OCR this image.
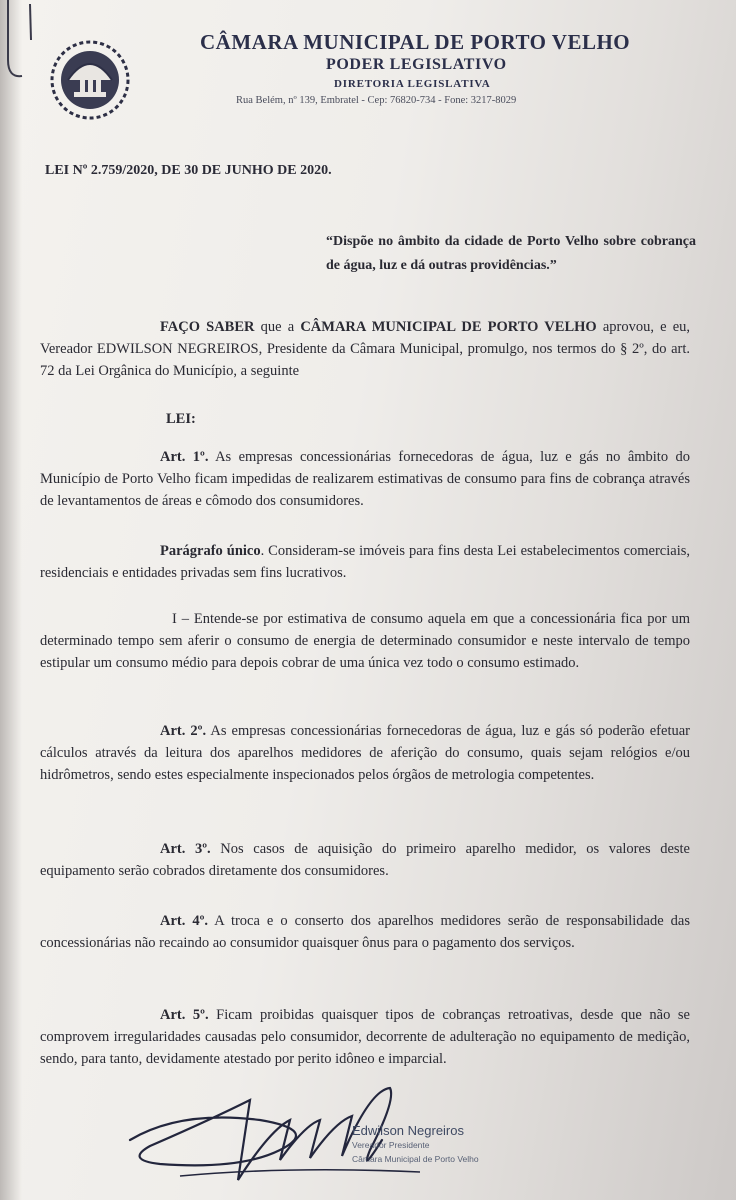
CÂMARA MUNICIPAL DE PORTO VELHO
PODER LEGISLATIVO
DIRETORIA LEGISLATIVA
Rua Belém, nº 139, Embratel - Cep: 76820-734 - Fone: 3217-8029
LEI Nº 2.759/2020, DE 30 DE JUNHO DE 2020.
“Dispõe no âmbito da cidade de Porto Velho sobre cobrança de água, luz e dá outras providências.”
FAÇO SABER que a CÂMARA MUNICIPAL DE PORTO VELHO aprovou, e eu, Vereador EDWILSON NEGREIROS, Presidente da Câmara Municipal, promulgo, nos termos do § 2º, do art. 72 da Lei Orgânica do Município, a seguinte
LEI:
Art. 1º. As empresas concessionárias fornecedoras de água, luz e gás no âmbito do Município de Porto Velho ficam impedidas de realizarem estimativas de consumo para fins de cobrança através de levantamentos de áreas e cômodo dos consumidores.
Parágrafo único. Consideram-se imóveis para fins desta Lei estabelecimentos comerciais, residenciais e entidades privadas sem fins lucrativos.
I – Entende-se por estimativa de consumo aquela em que a concessionária fica por um determinado tempo sem aferir o consumo de energia de determinado consumidor e neste intervalo de tempo estipular um consumo médio para depois cobrar de uma única vez todo o consumo estimado.
Art. 2º. As empresas concessionárias fornecedoras de água, luz e gás só poderão efetuar cálculos através da leitura dos aparelhos medidores de aferição do consumo, quais sejam relógios e/ou hidrômetros, sendo estes especialmente inspecionados pelos órgãos de metrologia competentes.
Art. 3º. Nos casos de aquisição do primeiro aparelho medidor, os valores deste equipamento serão cobrados diretamente dos consumidores.
Art. 4º. A troca e o conserto dos aparelhos medidores serão de responsabilidade das concessionárias não recaindo ao consumidor quaisquer ônus para o pagamento dos serviços.
Art. 5º. Ficam proibidas quaisquer tipos de cobranças retroativas, desde que não se comprovem irregularidades causadas pelo consumidor, decorrente de adulteração no equipamento de medição, sendo, para tanto, devidamente atestado por perito idôneo e imparcial.
Edwilson Negreiros
Vereador Presidente
Câmara Municipal de Porto Velho
